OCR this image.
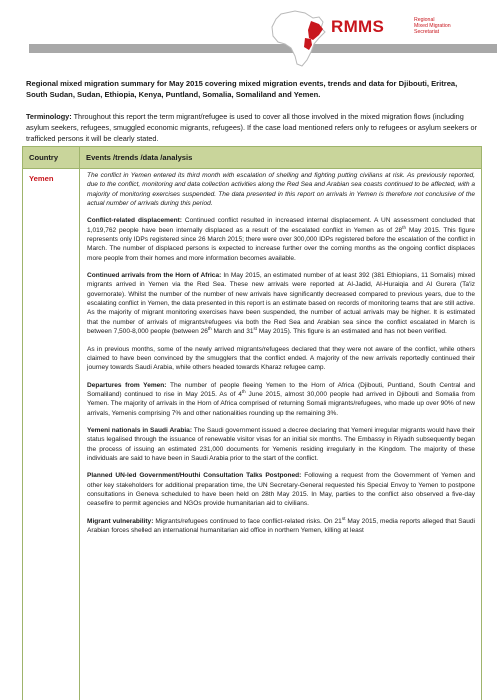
RMMS	Regional
Mixed Migration
Secretariat
Regional mixed migration summary for May 2015 covering mixed migration events, trends and data for Djibouti, Eritrea, South Sudan, Sudan, Ethiopia, Kenya, Puntland, Somalia, Somaliland and Yemen.
Terminology: Throughout this report the term migrant/refugee is used to cover all those involved in the mixed migration flows (including asylum seekers, refugees, smuggled economic migrants, refugees). If the case load mentioned refers only to refugees or asylum seekers or trafficked persons it will be clearly stated.
Country	Events /trends /data /analysis
Yemen	The conflict in Yemen entered its third month with escalation of shelling and fighting putting civilians at risk. As previously reported, due to the conflict, monitoring and data collection activities along the Red Sea and Arabian sea coasts continued to be affected, with a majority of monitoring exercises suspended. The data presented in this report on arrivals in Yemen is therefore not conclusive of the actual number of arrivals during this period.

Conflict-related displacement: Continued conflict resulted in increased internal displacement. A UN assessment concluded that 1,019,762 people have been internally displaced as a result of the escalated conflict in Yemen as of 28th May 2015. This figure represents only IDPs registered since 26 March 2015; there were over 300,000 IDPs registered before the escalation of the conflict in March. The number of displaced persons is expected to increase further over the coming months as the ongoing conflict displaces more people from their homes and more information becomes available.

Continued arrivals from the Horn of Africa: In May 2015, an estimated number of at least 392 (381 Ethiopians, 11 Somalis) mixed migrants arrived in Yemen via the Red Sea. These new arrivals were reported at Al-Jadid, Al-Huraiqia and Al Gurera (Ta'iz governorate). Whilst the number of the number of new arrivals have significantly decreased compared to previous years, due to the escalating conflict in Yemen, the data presented in this report is an estimate based on records of monitoring teams that are still active. As the majority of migrant monitoring exercises have been suspended, the number of actual arrivals may be higher. It is estimated that the number of arrivals of migrants/refugees via both the Red Sea and Arabian sea since the conflict escalated in March is between 7,500-8,000 people (between 26th March and 31st May 2015). This figure is an estimated and has not been verified.

As in previous months, some of the newly arrived migrants/refugees declared that they were not aware of the conflict, while others claimed to have been convinced by the smugglers that the conflict ended. A majority of the new arrivals reportedly continued their journey towards Saudi Arabia, while others headed towards Kharaz refugee camp.

Departures from Yemen: The number of people fleeing Yemen to the Horn of Africa (Djibouti, Puntland, South Central and Somaliland) continued to rise in May 2015. As of 4th June 2015, almost 30,000 people had arrived in Djibouti and Somalia from Yemen. The majority of arrivals in the Horn of Africa comprised of returning Somali migrants/refugees, who made up over 90% of new arrivals, Yemenis comprising 7% and other nationalities rounding up the remaining 3%.

Yemeni nationals in Saudi Arabia: The Saudi government issued a decree declaring that Yemeni irregular migrants would have their status legalised through the issuance of renewable visitor visas for an initial six months. The Embassy in Riyadh subsequently began the process of issuing an estimated 231,000 documents for Yemenis residing irregularly in the Kingdom. The majority of these individuals are said to have been in Saudi Arabia prior to the start of the conflict.

Planned UN-led Government/Houthi Consultation Talks Postponed: Following a request from the Government of Yemen and other key stakeholders for additional preparation time, the UN Secretary-General requested his Special Envoy to Yemen to postpone consultations in Geneva scheduled to have been held on 28th May 2015. In May, parties to the conflict also observed a five-day ceasefire to permit agencies and NGOs provide humanitarian aid to civilians.

Migrant vulnerability: Migrants/refugees continued to face conflict-related risks. On 21st May 2015, media reports alleged that Saudi Arabian forces shelled an international humanitarian aid office in northern Yemen, killing at least
